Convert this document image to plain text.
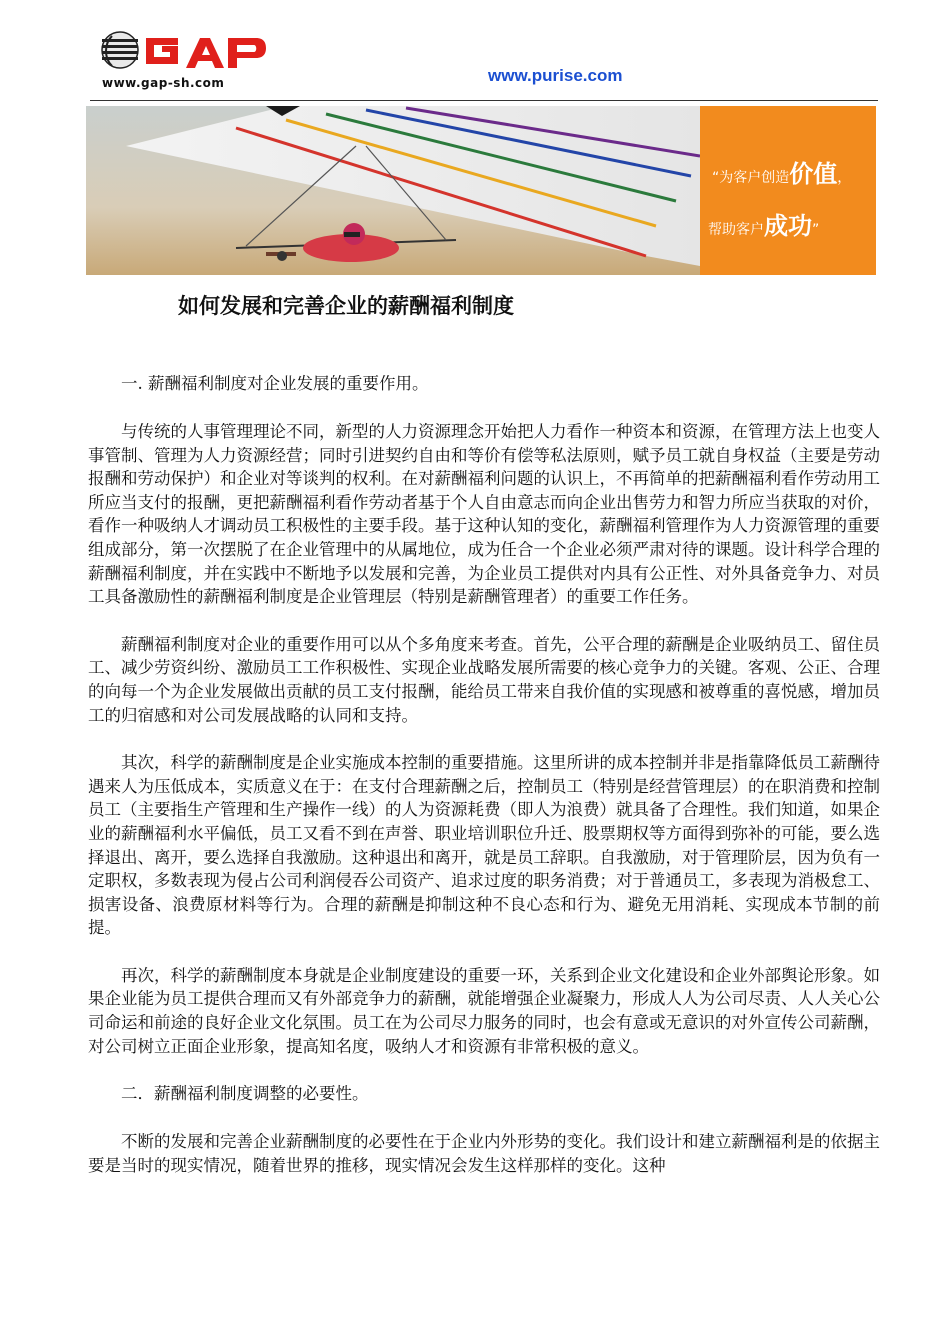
www.gap-sh.com	www.purise.com
“为客户创造价值，
帮助客户成功”
如何发展和完善企业的薪酬福利制度

一. 薪酬福利制度对企业发展的重要作用。

与传统的人事管理理论不同，新型的人力资源理念开始把人力看作一种资本和资源，在管理方法上也变人事管制、管理为人力资源经营；同时引进契约自由和等价有偿等私法原则，赋予员工就自身权益（主要是劳动报酬和劳动保护）和企业对等谈判的权利。在对薪酬福利问题的认识上，不再简单的把薪酬福利看作劳动用工所应当支付的报酬，更把薪酬福利看作劳动者基于个人自由意志而向企业出售劳力和智力所应当获取的对价， 看作一种吸纳人才调动员工积极性的主要手段。基于这种认知的变化，薪酬福利管理作为人力资源管理的重要组成部分，第一次摆脱了在企业管理中的从属地位，成为任合一个企业必须严肃对待的课题。设计科学合理的薪酬福利制度，并在实践中不断地予以发展和完善，为企业员工提供对内具有公正性、对外具备竞争力、对员工具备激励性的薪酬福利制度是企业管理层（特别是薪酬管理者）的重要工作任务。

薪酬福利制度对企业的重要作用可以从个多角度来考查。首先，公平合理的薪酬是企业吸纳员工、留住员工、减少劳资纠纷、激励员工工作积极性、实现企业战略发展所需要的核心竞争力的关键。客观、公正、合理的向每一个为企业发展做出贡献的员工支付报酬，能给员工带来自我价值的实现感和被尊重的喜悦感，增加员工的归宿感和对公司发展战略的认同和支持。

其次，科学的薪酬制度是企业实施成本控制的重要措施。这里所讲的成本控制并非是指靠降低员工薪酬待遇来人为压低成本，实质意义在于：在支付合理薪酬之后，控制员工（特别是经营管理层）的在职消费和控制员工（主要指生产管理和生产操作一线）的人为资源耗费（即人为浪费）就具备了合理性。我们知道，如果企业的薪酬福利水平偏低，员工又看不到在声誉、职业培训职位升迁、股票期权等方面得到弥补的可能，要么选择退出、离开，要么选择自我激励。这种退出和离开，就是员工辞职。自我激励，对于管理阶层，因为负有一定职权，多数表现为侵占公司利润侵吞公司资产、追求过度的职务消费；对于普通员工，多表现为消极怠工、损害设备、浪费原材料等行为。合理的薪酬是抑制这种不良心态和行为、避免无用消耗、实现成本节制的前提。

再次，科学的薪酬制度本身就是企业制度建设的重要一环，关系到企业文化建设和企业外部舆论形象。如果企业能为员工提供合理而又有外部竞争力的薪酬，就能增强企业凝聚力，形成人人为公司尽责、人人关心公司命运和前途的良好企业文化氛围。员工在为公司尽力服务的同时，也会有意或无意识的对外宣传公司薪酬，对公司树立正面企业形象，提高知名度，吸纳人才和资源有非常积极的意义。

二．薪酬福利制度调整的必要性。

不断的发展和完善企业薪酬制度的必要性在于企业内外形势的变化。我们设计和建立薪酬福利是的依据主要是当时的现实情况，随着世界的推移，现实情况会发生这样那样的变化。这种
